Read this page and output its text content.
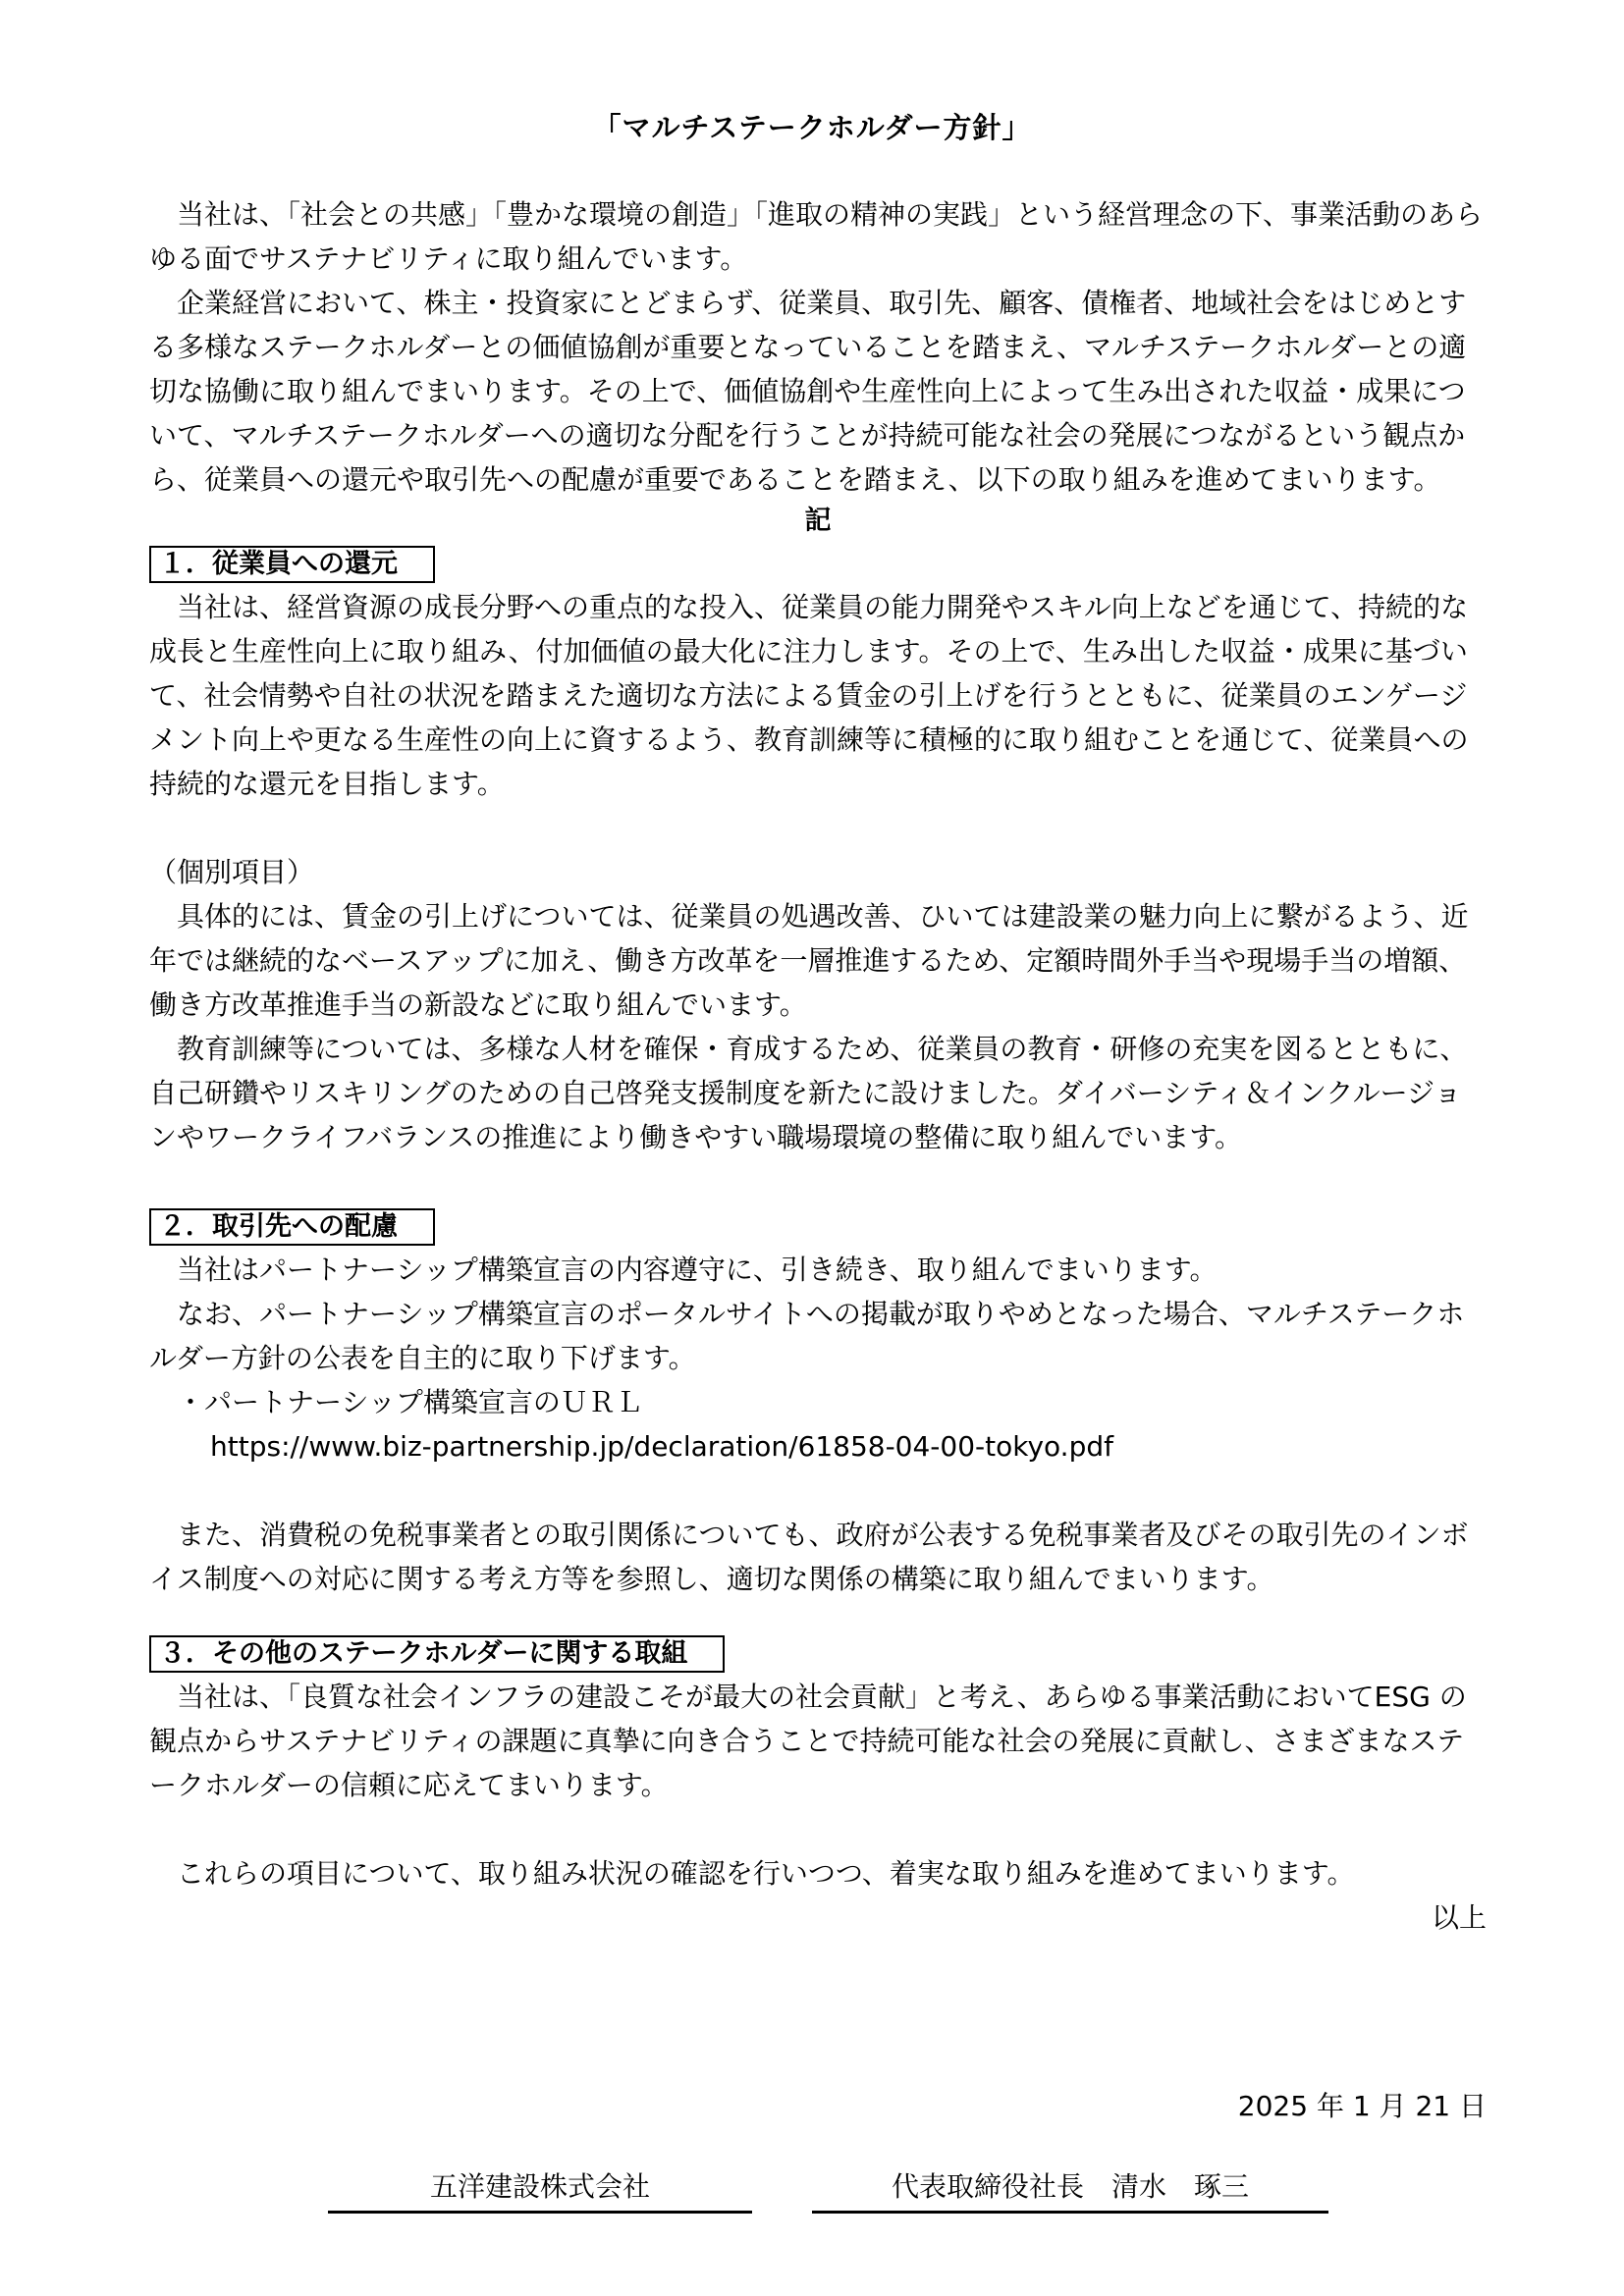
「マルチステークホルダー方針」

当社は、「社会との共感」「豊かな環境の創造」「進取の精神の実践」という経営理念の下、事業活動のあらゆる面でサステナビリティに取り組んでいます。

企業経営において、株主・投資家にとどまらず、従業員、取引先、顧客、債権者、地域社会をはじめとする多様なステークホルダーとの価値協創が重要となっていることを踏まえ、マルチステークホルダーとの適切な協働に取り組んでまいります。その上で、価値協創や生産性向上によって生み出された収益・成果について、マルチステークホルダーへの適切な分配を行うことが持続可能な社会の発展につながるという観点から、従業員への還元や取引先への配慮が重要であることを踏まえ、以下の取り組みを進めてまいります。

記

１．従業員への還元

当社は、経営資源の成長分野への重点的な投入、従業員の能力開発やスキル向上などを通じて、持続的な成長と生産性向上に取り組み、付加価値の最大化に注力します。その上で、生み出した収益・成果に基づいて、社会情勢や自社の状況を踏まえた適切な方法による賃金の引上げを行うとともに、従業員のエンゲージメント向上や更なる生産性の向上に資するよう、教育訓練等に積極的に取り組むことを通じて、従業員への持続的な還元を目指します。

（個別項目）

具体的には、賃金の引上げについては、従業員の処遇改善、ひいては建設業の魅力向上に繋がるよう、近年では継続的なベースアップに加え、働き方改革を一層推進するため、定額時間外手当や現場手当の増額、働き方改革推進手当の新設などに取り組んでいます。

教育訓練等については、多様な人材を確保・育成するため、従業員の教育・研修の充実を図るとともに、自己研鑽やリスキリングのための自己啓発支援制度を新たに設けました。ダイバーシティ＆インクルージョンやワークライフバランスの推進により働きやすい職場環境の整備に取り組んでいます。

２．取引先への配慮

当社はパートナーシップ構築宣言の内容遵守に、引き続き、取り組んでまいります。

なお、パートナーシップ構築宣言のポータルサイトへの掲載が取りやめとなった場合、マルチステークホルダー方針の公表を自主的に取り下げます。

・パートナーシップ構築宣言のＵＲＬ

https://www.biz-partnership.jp/declaration/61858-04-00-tokyo.pdf

また、消費税の免税事業者との取引関係についても、政府が公表する免税事業者及びその取引先のインボイス制度への対応に関する考え方等を参照し、適切な関係の構築に取り組んでまいります。

３．その他のステークホルダーに関する取組

当社は、「良質な社会インフラの建設こそが最大の社会貢献」と考え、あらゆる事業活動においてESG の観点からサステナビリティの課題に真摯に向き合うことで持続可能な社会の発展に貢献し、さまざまなステークホルダーの信頼に応えてまいります。

これらの項目について、取り組み状況の確認を行いつつ、着実な取り組みを進めてまいります。

以上

2025 年 1 月 21 日
五洋建設株式会社	代表取締役社長　清水　琢三
